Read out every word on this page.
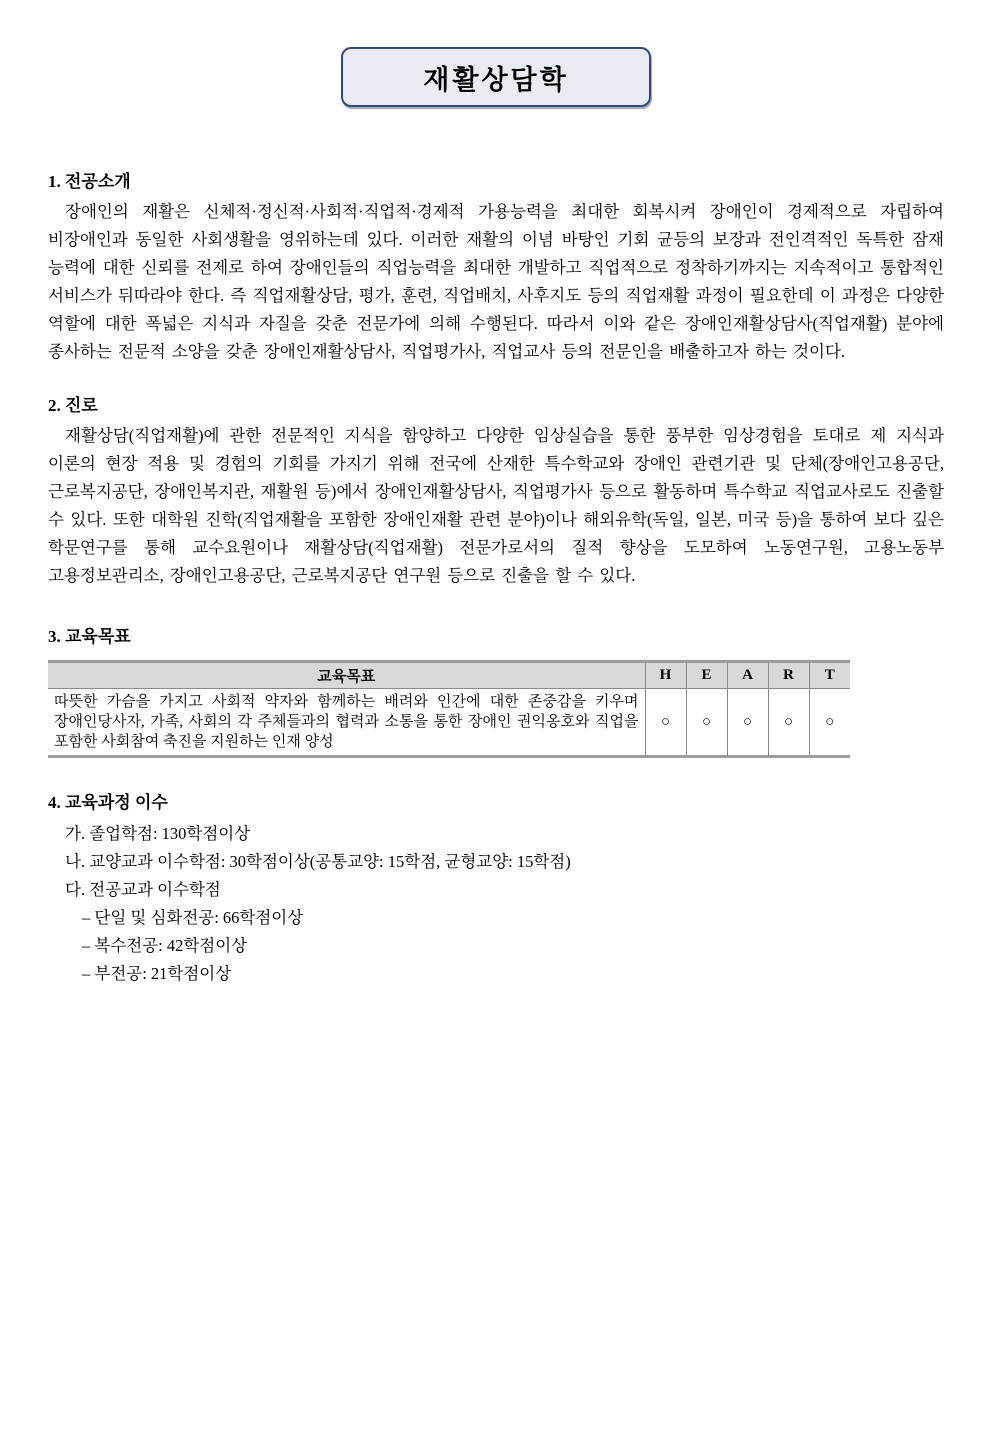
재활상담학
1. 전공소개

장애인의 재활은 신체적·정신적·사회적·직업적·경제적 가용능력을 최대한 회복시켜 장애인이 경제적으로 자립하여 비장애인과 동일한 사회생활을 영위하는데 있다. 이러한 재활의 이념 바탕인 기회 균등의 보장과 전인격적인 독특한 잠재 능력에 대한 신뢰를 전제로 하여 장애인들의 직업능력을 최대한 개발하고 직업적으로 정착하기까지는 지속적이고 통합적인 서비스가 뒤따라야 한다. 즉 직업재활상담, 평가, 훈련, 직업배치, 사후지도 등의 직업재활 과정이 필요한데 이 과정은 다양한 역할에 대한 폭넓은 지식과 자질을 갖춘 전문가에 의해 수행된다. 따라서 이와 같은 장애인재활상담사(직업재활) 분야에 종사하는 전문적 소양을 갖춘 장애인재활상담사, 직업평가사, 직업교사 등의 전문인을 배출하고자 하는 것이다.

2. 진로

재활상담(직업재활)에 관한 전문적인 지식을 함양하고 다양한 임상실습을 통한 풍부한 임상경험을 토대로 제 지식과 이론의 현장 적용 및 경험의 기회를 가지기 위해 전국에 산재한 특수학교와 장애인 관련기관 및 단체(장애인고용공단, 근로복지공단, 장애인복지관, 재활원 등)에서 장애인재활상담사, 직업평가사 등으로 활동하며 특수학교 직업교사로도 진출할 수 있다. 또한 대학원 진학(직업재활을 포함한 장애인재활 관련 분야)이나 해외유학(독일, 일본, 미국 등)을 통하여 보다 깊은 학문연구를 통해 교수요원이나 재활상담(직업재활) 전문가로서의 질적 향상을 도모하여 노동연구원, 고용노동부 고용정보관리소, 장애인고용공단, 근로복지공단 연구원 등으로 진출을 할 수 있다.

3. 교육목표
교육목표	H	E	A	R	T
따뜻한 가슴을 가지고 사회적 약자와 함께하는 배려와 인간에 대한 존중감을 키우며 장애인당사자, 가족, 사회의 각 주체들과의 협력과 소통을 통한 장애인 권익옹호와 직업을 포함한 사회참여 축진을 지원하는 인재 양성	○	○	○	○	○
4. 교육과정 이수
가. 졸업학점: 130학점이상
나. 교양교과 이수학점: 30학점이상(공통교양: 15학점, 균형교양: 15학점)
다. 전공교과 이수학점
– 단일 및 심화전공: 66학점이상
– 복수전공: 42학점이상
– 부전공: 21학점이상
